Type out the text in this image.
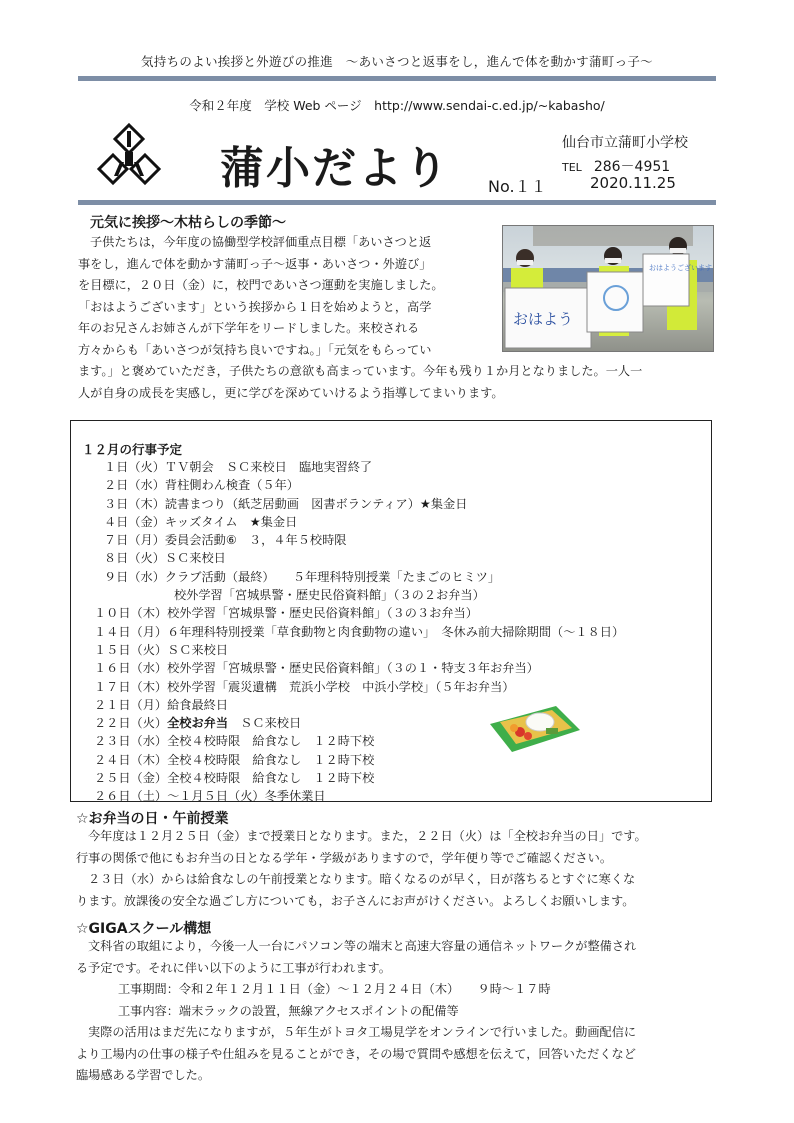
気持ちのよい挨拶と外遊びの推進　～あいさつと返事をし，進んで体を動かす蒲町っ子～
令和２年度　学校 Web ページ　http://www.sendai-c.ed.jp/~kabasho/
蒲小だより	仙台市立蒲町小学校
TEL 286－4951
No.１１	2020.11.25
元気に挨拶～木枯らしの季節～
子供たちは，今年度の協働型学校評価重点目標「あいさつと返
事をし，進んで体を動かす蒲町っ子～返事・あいさつ・外遊び」
を目標に，２０日（金）に，校門であいさつ運動を実施しました。
「おはようございます」という挨拶から１日を始めようと，高学
年のお兄さんお姉さんが下学年をリードしました。来校される
方々からも「あいさつが気持ち良いですね。」「元気をもらってい
ます。」と褒めていただき，子供たちの意欲も高まっています。今年も残り１か月となりました。一人一
人が自身の成長を実感し，更に学びを深めていけるよう指導してまいります。
おはよう
おはようございます
１２月の行事予定
１日（火）ＴＶ朝会　ＳＣ来校日　臨地実習終了
２日（水）背柱側わん検査（５年）
３日（木）読書まつり（紙芝居動画　図書ボランティア）★集金日
４日（金）キッズタイム　★集金日
７日（月）委員会活動⑥　３，４年５校時限
８日（火）ＳＣ来校日
９日（水）クラブ活動（最終）　　５年理科特別授業「たまごのヒミツ」
校外学習「宮城県警・歴史民俗資料館」（３の２お弁当）
１０日（木）校外学習「宮城県警・歴史民俗資料館」（３の３お弁当）
１４日（月）６年理科特別授業「草食動物と肉食動物の違い」　冬休み前大掃除期間（～１８日）
１５日（火）ＳＣ来校日
１６日（水）校外学習「宮城県警・歴史民俗資料館」（３の１・特支３年お弁当）
１７日（木）校外学習「震災遺構　荒浜小学校　中浜小学校」（５年お弁当）
２１日（月）給食最終日
２２日（火）全校お弁当　ＳＣ来校日
２３日（水）全校４校時限　給食なし　１２時下校
２４日（木）全校４校時限　給食なし　１２時下校
２５日（金）全校４校時限　給食なし　１２時下校
２６日（土）～１月５日（火）冬季休業日
☆お弁当の日・午前授業
今年度は１２月２５日（金）まで授業日となります。また，２２日（火）は「全校お弁当の日」です。
行事の関係で他にもお弁当の日となる学年・学級がありますので，学年便り等でご確認ください。
２３日（水）からは給食なしの午前授業となります。暗くなるのが早く，日が落ちるとすぐに寒くな
ります。放課後の安全な過ごし方についても，お子さんにお声がけください。よろしくお願いします。
☆GIGAスクール構想
文科省の取組により，今後一人一台にパソコン等の端末と高速大容量の通信ネットワークが整備され
る予定です。それに伴い以下のように工事が行われます。
工事期間：令和２年１２月１１日（金）～１２月２４日（木）　　９時～１７時
工事内容：端末ラックの設置，無線アクセスポイントの配備等
実際の活用はまだ先になりますが，５年生がトヨタ工場見学をオンラインで行いました。動画配信に
より工場内の仕事の様子や仕組みを見ることができ，その場で質問や感想を伝えて，回答いただくなど
臨場感ある学習でした。
